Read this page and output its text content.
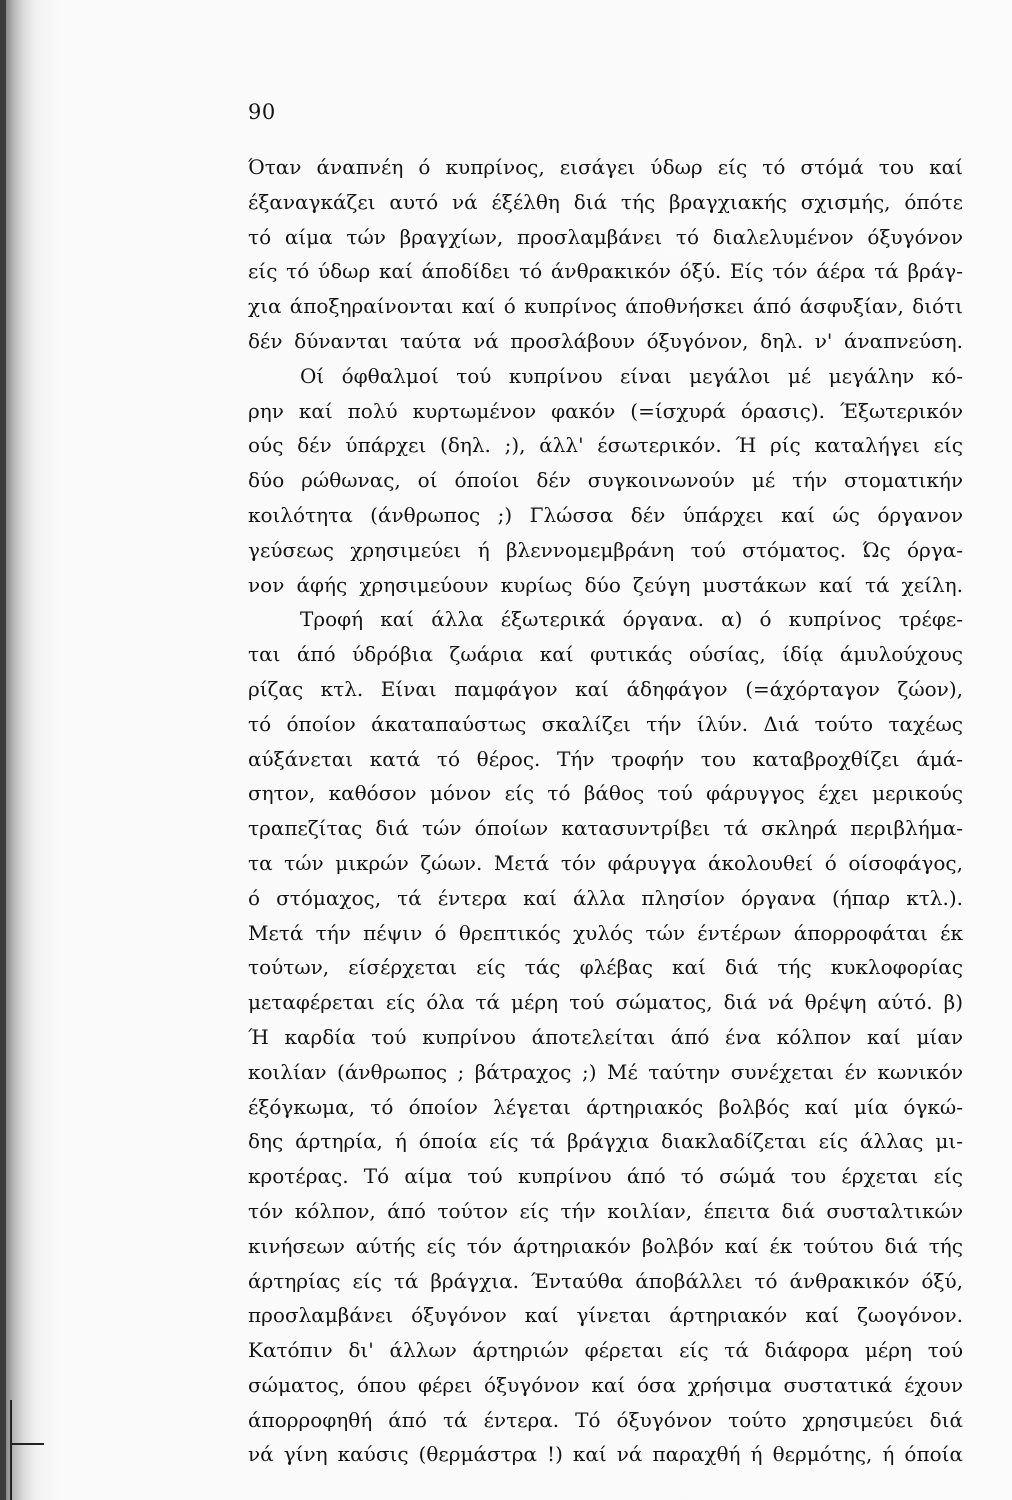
90
Όταν άναπνέη ό κυπρίνος, εισάγει ύδωρ είς τό στόμά του καί
έξαναγκάζει αυτό νά έξέλθη διά τής βραγχιακής σχισμής, όπότε
τό αίμα τών βραγχίων, προσλαμβάνει τό διαλελυμένον όξυγόνον
είς τό ύδωρ καί άποδίδει τό άνθρακικόν όξύ. Είς τόν άέρα τά βράγ-
χια άποξηραίνονται καί ό κυπρίνος άποθνήσκει άπό άσφυξίαν, διότι
δέν δύνανται ταύτα νά προσλάβουν όξυγόνον, δηλ. ν' άναπνεύση.
Οί όφθαλμοί τού κυπρίνου είναι μεγάλοι μέ μεγάλην κό-
ρην καί πολύ κυρτωμένον φακόν (=ίσχυρά όρασις). Έξωτερικόν
ούς δέν ύπάρχει (δηλ. ;), άλλ' έσωτερικόν. Ή ρίς καταλήγει είς
δύο ρώθωνας, οί όποίοι δέν συγκοινωνούν μέ τήν στοματικήν
κοιλότητα (άνθρωπος ;) Γλώσσα δέν ύπάρχει καί ώς όργανον
γεύσεως χρησιμεύει ή βλεννομεμβράνη τού στόματος. Ώς όργα-
νον άφής χρησιμεύουν κυρίως δύο ζεύγη μυστάκων καί τά χείλη.
Τροφή καί άλλα έξωτερικά όργανα. α) ό κυπρίνος τρέφε-
ται άπό ύδρόβια ζωάρια καί φυτικάς ούσίας, ίδίᾳ άμυλούχους
ρίζας κτλ. Είναι παμφάγον καί άδηφάγον (=άχόρταγον ζώον),
τό όποίον άκαταπαύστως σκαλίζει τήν ίλύν. Διά τούτο ταχέως
αύξάνεται κατά τό θέρος. Τήν τροφήν του καταβροχθίζει άμά-
σητον, καθόσον μόνον είς τό βάθος τού φάρυγγος έχει μερικούς
τραπεζίτας διά τών όποίων κατασυντρίβει τά σκληρά περιβλήμα-
τα τών μικρών ζώων. Μετά τόν φάρυγγα άκολουθεί ό οίσοφάγος,
ό στόμαχος, τά έντερα καί άλλα πλησίον όργανα (ήπαρ κτλ.).
Μετά τήν πέψιν ό θρεπτικός χυλός τών έντέρων άπορροφάται έκ
τούτων, είσέρχεται είς τάς φλέβας καί διά τής κυκλοφορίας
μεταφέρεται είς όλα τά μέρη τού σώματος, διά νά θρέψη αύτό. β)
Ή καρδία τού κυπρίνου άποτελείται άπό ένα κόλπον καί μίαν
κοιλίαν (άνθρωπος ; βάτραχος ;) Μέ ταύτην συνέχεται έν κωνικόν
έξόγκωμα, τό όποίον λέγεται άρτηριακός βολβός καί μία όγκώ-
δης άρτηρία, ή όποία είς τά βράγχια διακλαδίζεται είς άλλας μι-
κροτέρας. Τό αίμα τού κυπρίνου άπό τό σώμά του έρχεται είς
τόν κόλπον, άπό τούτον είς τήν κοιλίαν, έπειτα διά συσταλτικών
κινήσεων αύτής είς τόν άρτηριακόν βολβόν καί έκ τούτου διά τής
άρτηρίας είς τά βράγχια. Ένταύθα άποβάλλει τό άνθρακικόν όξύ,
προσλαμβάνει όξυγόνον καί γίνεται άρτηριακόν καί ζωογόνον.
Κατόπιν δι' άλλων άρτηριών φέρεται είς τά διάφορα μέρη τού
σώματος, όπου φέρει όξυγόνον καί όσα χρήσιμα συστατικά έχουν
άπορροφηθή άπό τά έντερα. Τό όξυγόνον τούτο χρησιμεύει διά
νά γίνη καύσις (θερμάστρα !) καί νά παραχθή ή θερμότης, ή όποία
